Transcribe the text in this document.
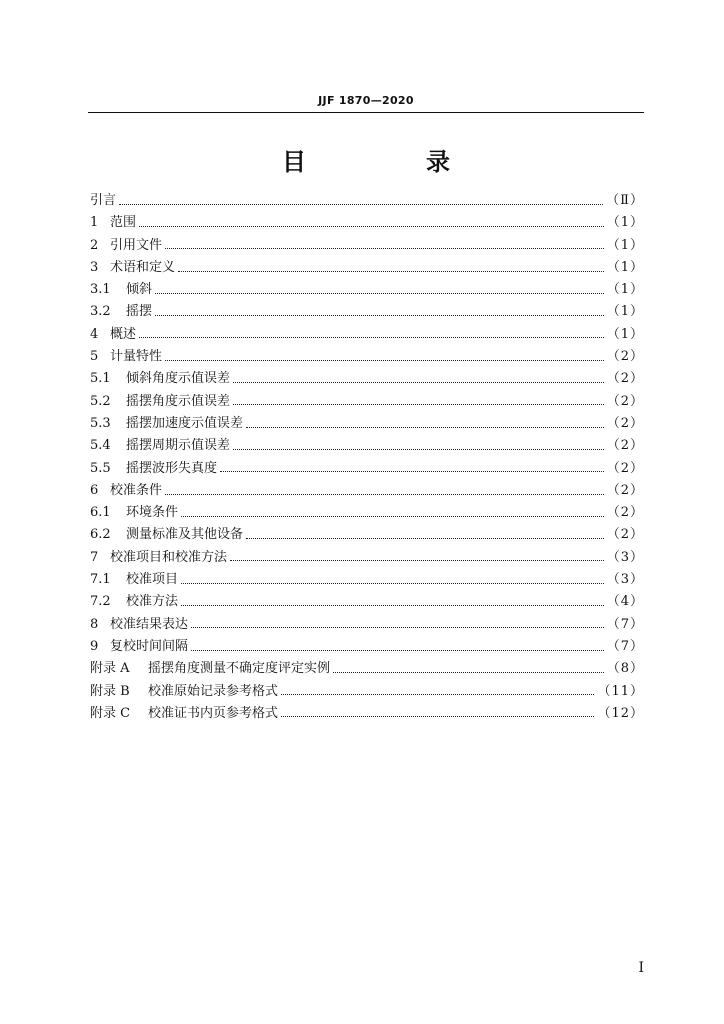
JJF 1870—2020
目　录
引言	（Ⅱ）
1 范围	（1）
2 引用文件	（1）
3 术语和定义	（1）
3.1	倾斜	（1）
3.2	摇摆	（1）
4 概述	（1）
5 计量特性	（2）
5.1	倾斜角度示值误差	（2）
5.2	摇摆角度示值误差	（2）
5.3	摇摆加速度示值误差	（2）
5.4	摇摆周期示值误差	（2）
5.5	摇摆波形失真度	（2）
6 校准条件	（2）
6.1	环境条件	（2）
6.2	测量标准及其他设备	（2）
7 校准项目和校准方法	（3）
7.1	校准项目	（3）
7.2	校准方法	（4）
8 校准结果表达	（7）
9 复校时间间隔	（7）
附录 A	摇摆角度测量不确定度评定实例	（8）
附录 B	校准原始记录参考格式	（11）
附录 C	校准证书内页参考格式	（12）
Ⅰ
